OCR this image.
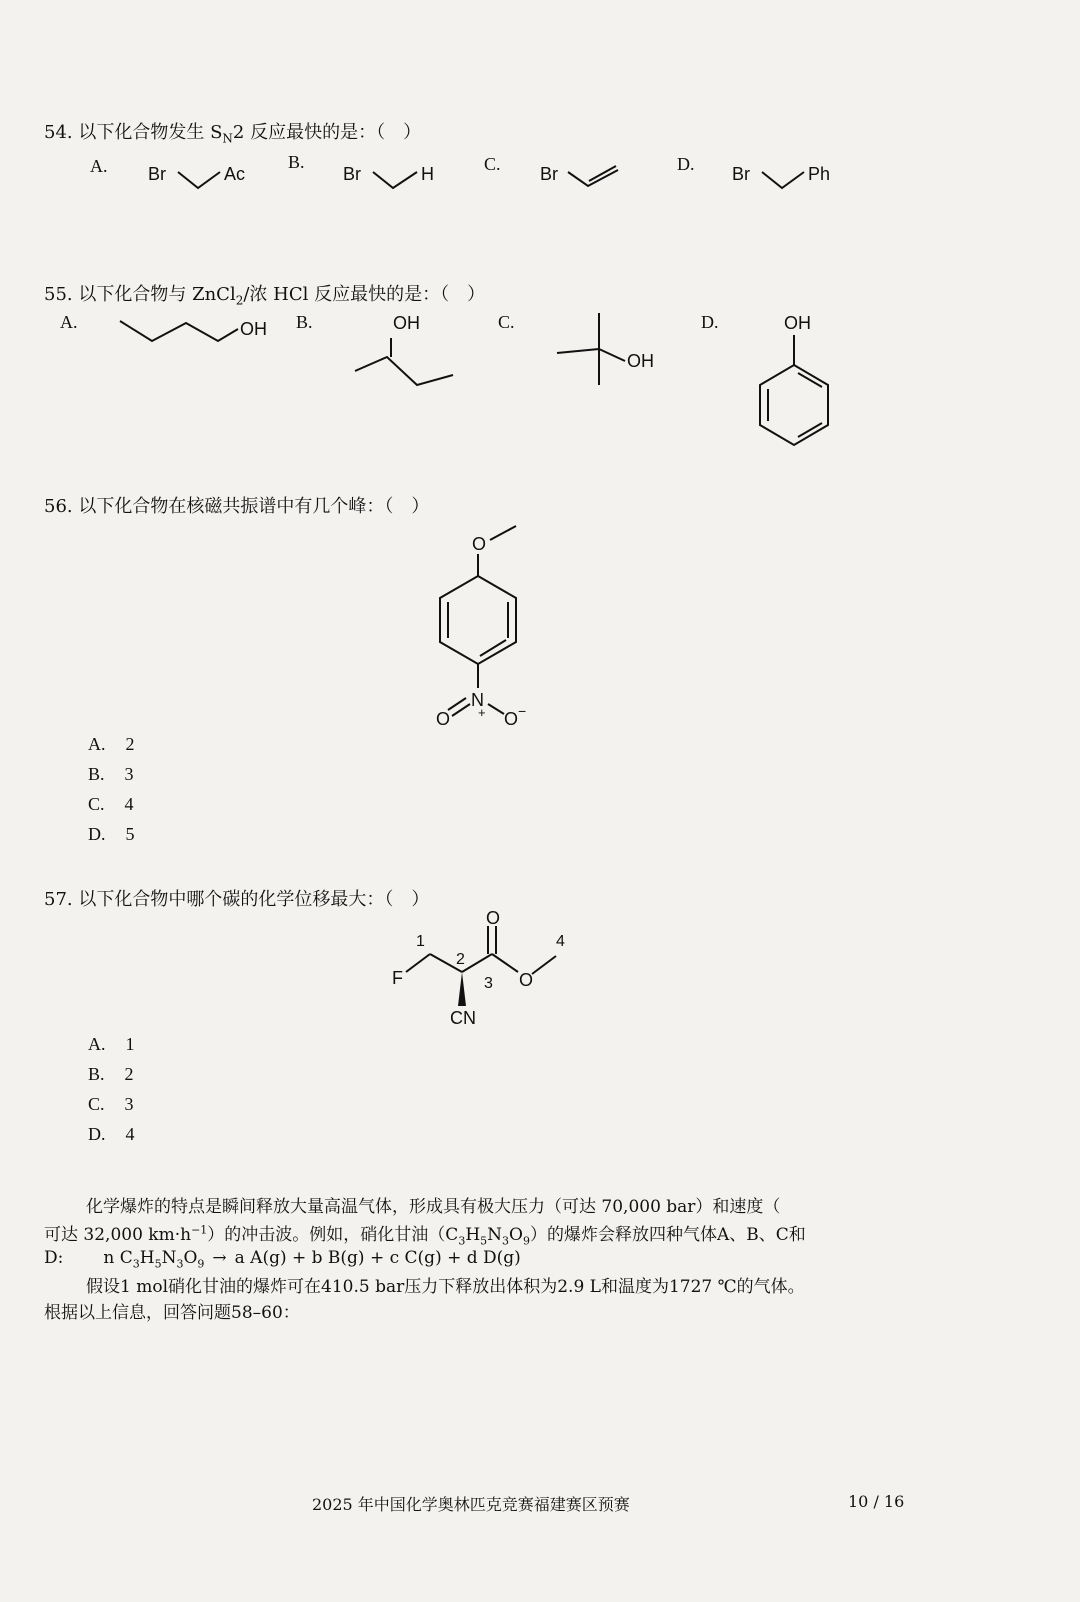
54. 以下化合物发生 $S_N2$ 反应最快的是：（　）
A. Br	Ac
B.
Br	H	C. Br	D. Br	Ph
55. 以下化合物与 ZnCl$_2$/浓 HCl 反应最快的是：（　）
A.	OH B.	OH	C.
OH
D.	OH
56. 以下化合物在核磁共振谱中有几个峰：（　）
O
N
+
O	O −
A. 2
B. 3
C. 4
D. 5
57. 以下化合物中哪个碳的化学位移最大：（　）
F
1
2
CN
O
3 O
4
A. 1
B. 2
C. 3
D. 4
化学爆炸的特点是瞬间释放大量高温气体，形成具有极大压力（可达 70,000 bar）和速度（
可达 32,000 $km\cdot h^{-1}$）的冲击波。例如，硝化甘油$(C_3H_5N_3O_9)$的爆炸会释放四种气体A、B、C和
D: n $C_3H_5N_3O_9 \to a$ A(g) + b B(g) + c C(g) + d D(g)
假设1 mol硝化甘油的爆炸可在410.5 bar压力下释放出体积为2.9 L和温度为1727 ℃的气体。
根据以上信息，回答问题58–60：
2025 年中国化学奥林匹克竞赛福建赛区预赛	10 / 16
